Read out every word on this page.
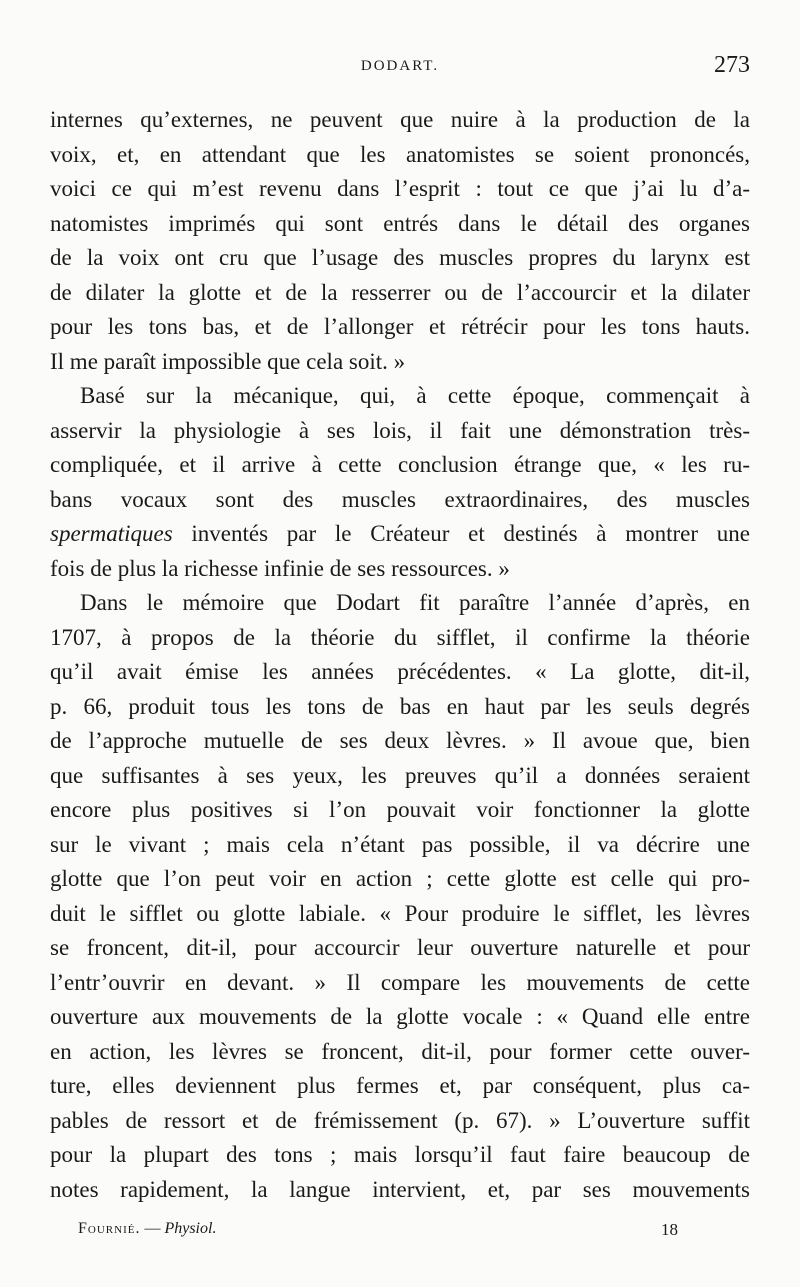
DODART.	273
internes qu’externes, ne peuvent que nuire à la production de la
voix, et, en attendant que les anatomistes se soient prononcés,
voici ce qui m’est revenu dans l’esprit : tout ce que j’ai lu d’a-
natomistes imprimés qui sont entrés dans le détail des organes
de la voix ont cru que l’usage des muscles propres du larynx est
de dilater la glotte et de la resserrer ou de l’accourcir et la dilater
pour les tons bas, et de l’allonger et rétrécir pour les tons hauts.
Il me paraît impossible que cela soit. »
Basé sur la mécanique, qui, à cette époque, commençait à
asservir la physiologie à ses lois, il fait une démonstration très-
compliquée, et il arrive à cette conclusion étrange que, « les ru-
bans vocaux sont des muscles extraordinaires, des muscles
spermatiques inventés par le Créateur et destinés à montrer une
fois de plus la richesse infinie de ses ressources. »
Dans le mémoire que Dodart fit paraître l’année d’après, en
1707, à propos de la théorie du sifflet, il confirme la théorie
qu’il avait émise les années précédentes. « La glotte, dit-il,
p. 66, produit tous les tons de bas en haut par les seuls degrés
de l’approche mutuelle de ses deux lèvres. » Il avoue que, bien
que suffisantes à ses yeux, les preuves qu’il a données seraient
encore plus positives si l’on pouvait voir fonctionner la glotte
sur le vivant ; mais cela n’étant pas possible, il va décrire une
glotte que l’on peut voir en action ; cette glotte est celle qui pro-
duit le sifflet ou glotte labiale. « Pour produire le sifflet, les lèvres
se froncent, dit-il, pour accourcir leur ouverture naturelle et pour
l’entr’ouvrir en devant. » Il compare les mouvements de cette
ouverture aux mouvements de la glotte vocale : « Quand elle entre
en action, les lèvres se froncent, dit-il, pour former cette ouver-
ture, elles deviennent plus fermes et, par conséquent, plus ca-
pables de ressort et de frémissement (p. 67). » L’ouverture suffit
pour la plupart des tons ; mais lorsqu’il faut faire beaucoup de
notes rapidement, la langue intervient, et, par ses mouvements
Fournié. — Physiol.	18
